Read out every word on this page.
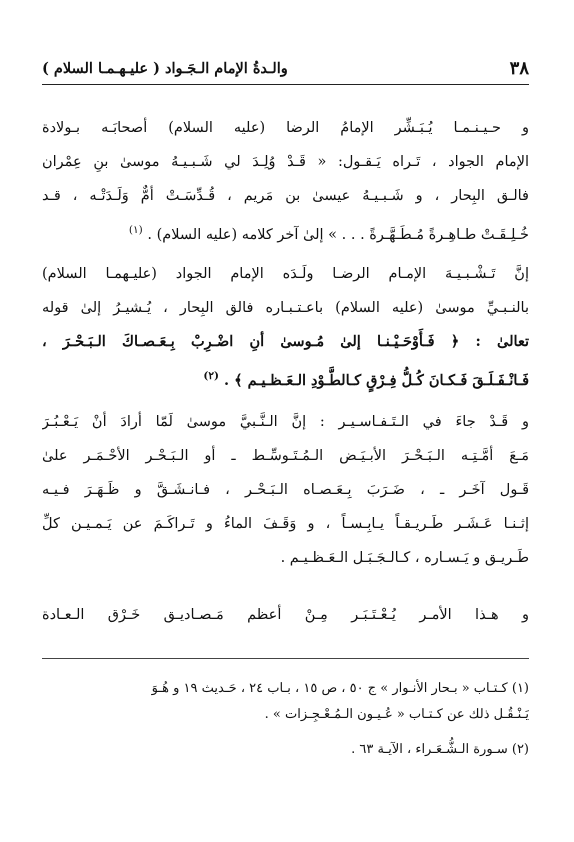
٣٨
والـدةُ الإمام الـجَـواد ( عليـهـمـا السلام )

و حـيـنـمـا يُـبَـشِّر الإمامُ الرضا (عليه السلام) أصحابَـه بـولادة
الإمام الجواد ، تَـراه يَـقـول: « قَـدْ وُلِـدَ لي شَـبـيـهُ موسىٰ بنِ عِمْران
فالـق البِحار ، و شَـبـيـهُ عيسىٰ بن مَريم ، قُـدِّسَـتْ أمٌّ وَلَـدَتْـه ، قـد
خُـلِـقَـتْ طـاهِـرةً مُـطَـهَّـرةً . . . » إلىٰ آخر كلامه (عليه السلام) . $^{(١)}$

إنَّ تَـشْـبـيـهَ الإمـام الرضـا ولَـدَه الإمام الجواد (عليـهمـا السلام)
بالنـبـيِّ موسىٰ (عليه السلام) باعـتـبـاره فالق البِحار ، يُـشيـرُ إلىٰ قوله
تعالىٰ : ﴿ فَـأَوْحَـيْـنـا إلىٰ مُـوسىٰ أنِ اضْـرِبْ بِـعَـصـاكَ الـبَـحْـرَ ،
فَـانْـفَـلَـقَ فَـكـانَ كُـلُّ فِـرْقٍ كـالطَّـوْدِ الـعَـظـيـم ﴾ . $^{(٢)}$

و قَـدْ جاءَ في الـتَـفـاسـيـر : إنَّ الـنَّـبيَّ موسىٰ لَمّا أرادَ أنْ يَـعْـبُـرَ
مَـعَ أمَّـتِـه الـبَـحْـرَ الأبـيَـض الـمُـتَـوسِّـط ـ أو الـبَـحْـر الأحْـمَـر علىٰ
قَـول آخَـر ـ ، ضَـرَبَ بِـعَـصـاه الـبَـحْـر ، فـانـشَـقَّ و ظَـهَـرَ فـيـه
إثـنـا عَـشَـر طَـريـقـاً يـابِـسـاً ، و وَقَـفَ الماءُ و تَـراكَـمَ عن يَـمـيـن كلِّ
طَـريـق و يَـسـاره ، كـالـجَـبَـل الـعَـظـيـم .

و هـذا الأمـر يُـعْـتَـبَـر مِـنْ أعظم مَـصـاديـق خَـرْق الـعـادة

(١) كـتـاب « بـحار الأنـوار » ج ٥٠ ، ص ١٥ ، بـاب ٢٤ ، حَـديث ١٩ و هُـوَ
يَـنْـقُـل ذلك عن كـتـاب « عُـيـون الـمُـعْـجِـزات » .

(٢) سـورة الـشُّـعَـراء ، الآيـة ٦٣ .
